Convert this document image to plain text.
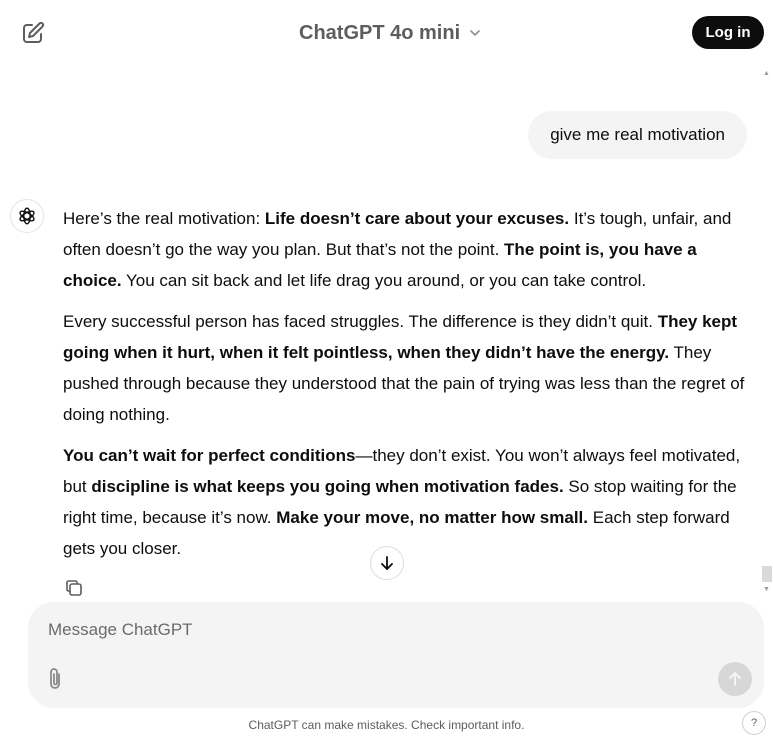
ChatGPT 4o mini	Log in
▲
▼
give me real motivation

Here’s the real motivation: Life doesn’t care about your excuses. It’s tough, unfair, and often doesn’t go the way you plan. But that’s not the point. The point is, you have a choice. You can sit back and let life drag you around, or you can take control.

Every successful person has faced struggles. The difference is they didn’t quit. They kept going when it hurt, when it felt pointless, when they didn’t have the energy. They pushed through because they understood that the pain of trying was less than the regret of doing nothing.

You can’t wait for perfect conditions—they don’t exist. You won’t always feel motivated, but discipline is what keeps you going when motivation fades. So stop waiting for the right time, because it’s now. Make your move, no matter how small. Each step forward gets you closer.

Message ChatGPT
ChatGPT can make mistakes. Check important info.	?
